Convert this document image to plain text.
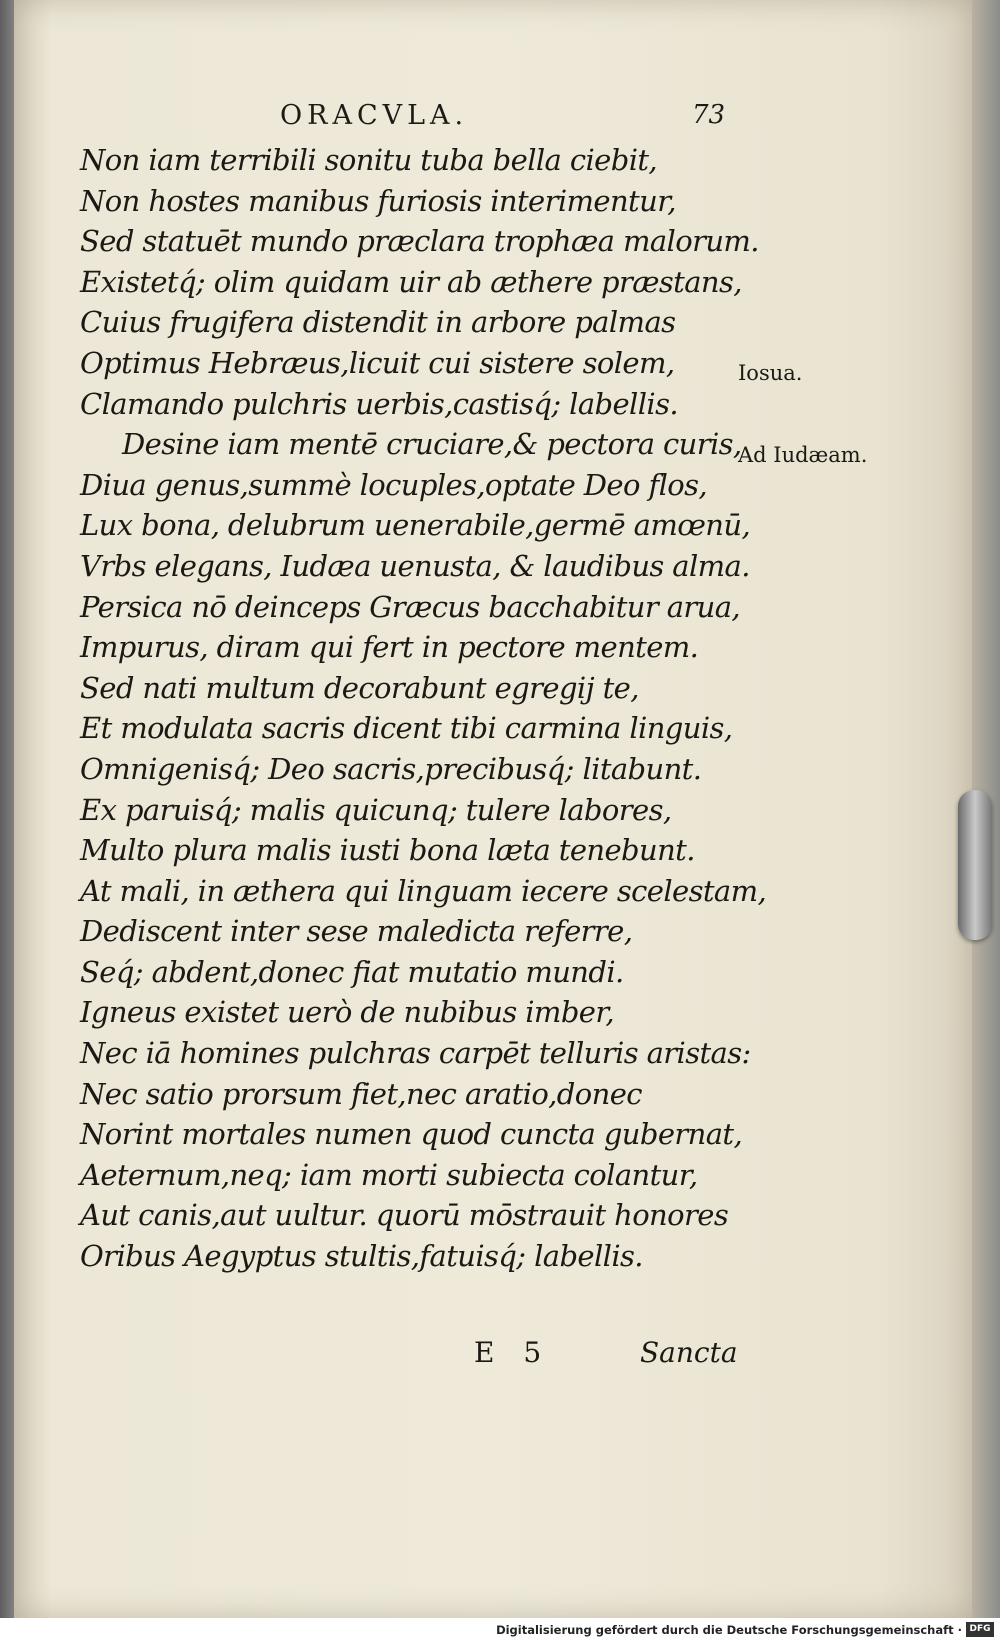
ORACVLA.	73
Non iam terribili sonitu tuba bella ciebit,
Non hostes manibus furiosis interimentur,
Sed statuēt mundo præclara trophæa malorum.
Existetq́; olim quidam uir ab æthere præstans,
Cuius frugifera distendit in arbore palmas
Optimus Hebræus,licuit cui sistere solem,
Clamando pulchris uerbis,castisq́; labellis.
Desine iam mentē cruciare,& pectora curis,
Diua genus,summè locuples,optate Deo flos,
Lux bona, delubrum uenerabile,germē amœnū,
Vrbs elegans, Iudæa uenusta, & laudibus alma.
Persica nō deinceps Græcus bacchabitur arua,
Impurus, diram qui fert in pectore mentem.
Sed nati multum decorabunt egregij te,
Et modulata sacris dicent tibi carmina linguis,
Omnigenisq́; Deo sacris,precibusq́; litabunt.
Ex paruisq́; malis quicunq; tulere labores,
Multo plura malis iusti bona læta tenebunt.
At mali, in æthera qui linguam iecere scelestam,
Dediscent inter sese maledicta referre,
Seq́; abdent,donec fiat mutatio mundi.
Igneus existet uerò de nubibus imber,
Nec iā homines pulchras carpēt telluris aristas:
Nec satio prorsum fiet,nec aratio,donec
Norint mortales numen quod cuncta gubernat,
Aeternum,neq; iam morti subiecta colantur,
Aut canis,aut uultur. quorū mōstrauit honores
Oribus Aegyptus stultis,fatuisq́; labellis.
Iosua.
Ad Iudæam.
E 5	Sancta
Digitalisierung gefördert durch die Deutsche Forschungsgemeinschaft · DFG
